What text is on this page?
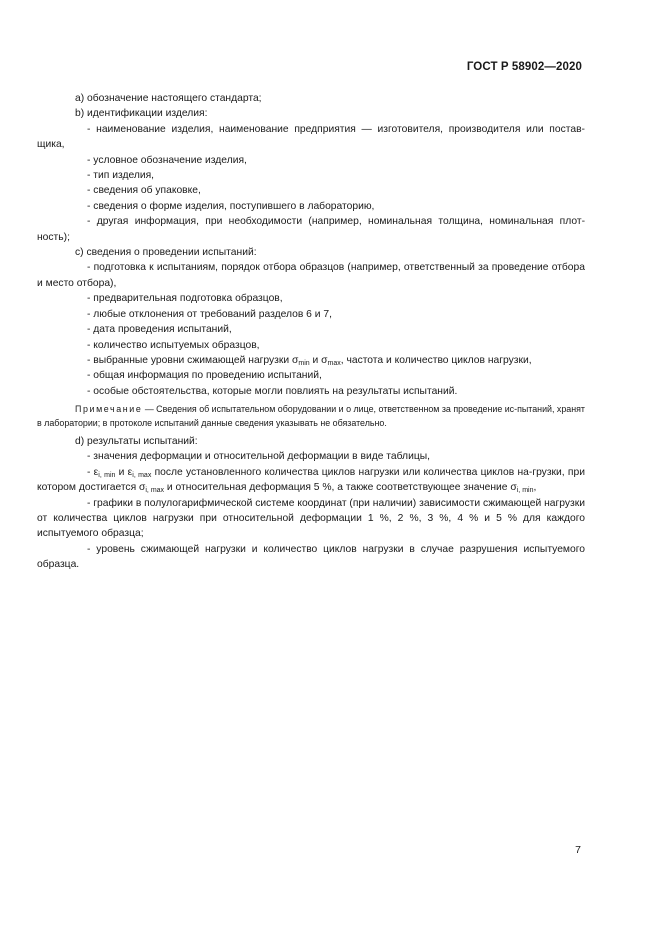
ГОСТ Р 58902—2020

a) обозначение настоящего стандарта;

b) идентификации изделия:

- наименование изделия, наименование предприятия — изготовителя, производителя или постав-щика,

- условное обозначение изделия,

- тип изделия,

- сведения об упаковке,

- сведения о форме изделия, поступившего в лабораторию,

- другая информация, при необходимости (например, номинальная толщина, номинальная плот-ность);

c) сведения о проведении испытаний:

- подготовка к испытаниям, порядок отбора образцов (например, ответственный за проведение отбора и место отбора),

- предварительная подготовка образцов,

- любые отклонения от требований разделов 6 и 7,

- дата проведения испытаний,

- количество испытуемых образцов,

- выбранные уровни сжимающей нагрузки $\sigma_{min}$ и $\sigma_{max}$, частота и количество циклов нагрузки,

- общая информация по проведению испытаний,

- особые обстоятельства, которые могли повлиять на результаты испытаний.

Примечание — Сведения об испытательном оборудовании и о лице, ответственном за проведение ис-пытаний, хранят в лаборатории; в протоколе испытаний данные сведения указывать не обязательно.

d) результаты испытаний:

- значения деформации и относительной деформации в виде таблицы,

- $\varepsilon_{i, min}$ и $\varepsilon_{i, max}$ после установленного количества циклов нагрузки или количества циклов на-грузки, при котором достигается $\sigma_{i, max}$ и относительная деформация 5 %, а также соответствующее значение $\sigma_{i, min}$,

- графики в полулогарифмической системе координат (при наличии) зависимости сжимающей нагрузки от количества циклов нагрузки при относительной деформации 1 %, 2 %, 3 %, 4 % и 5 % для каждого испытуемого образца;

- уровень сжимающей нагрузки и количество циклов нагрузки в случае разрушения испытуемого образца.

7
